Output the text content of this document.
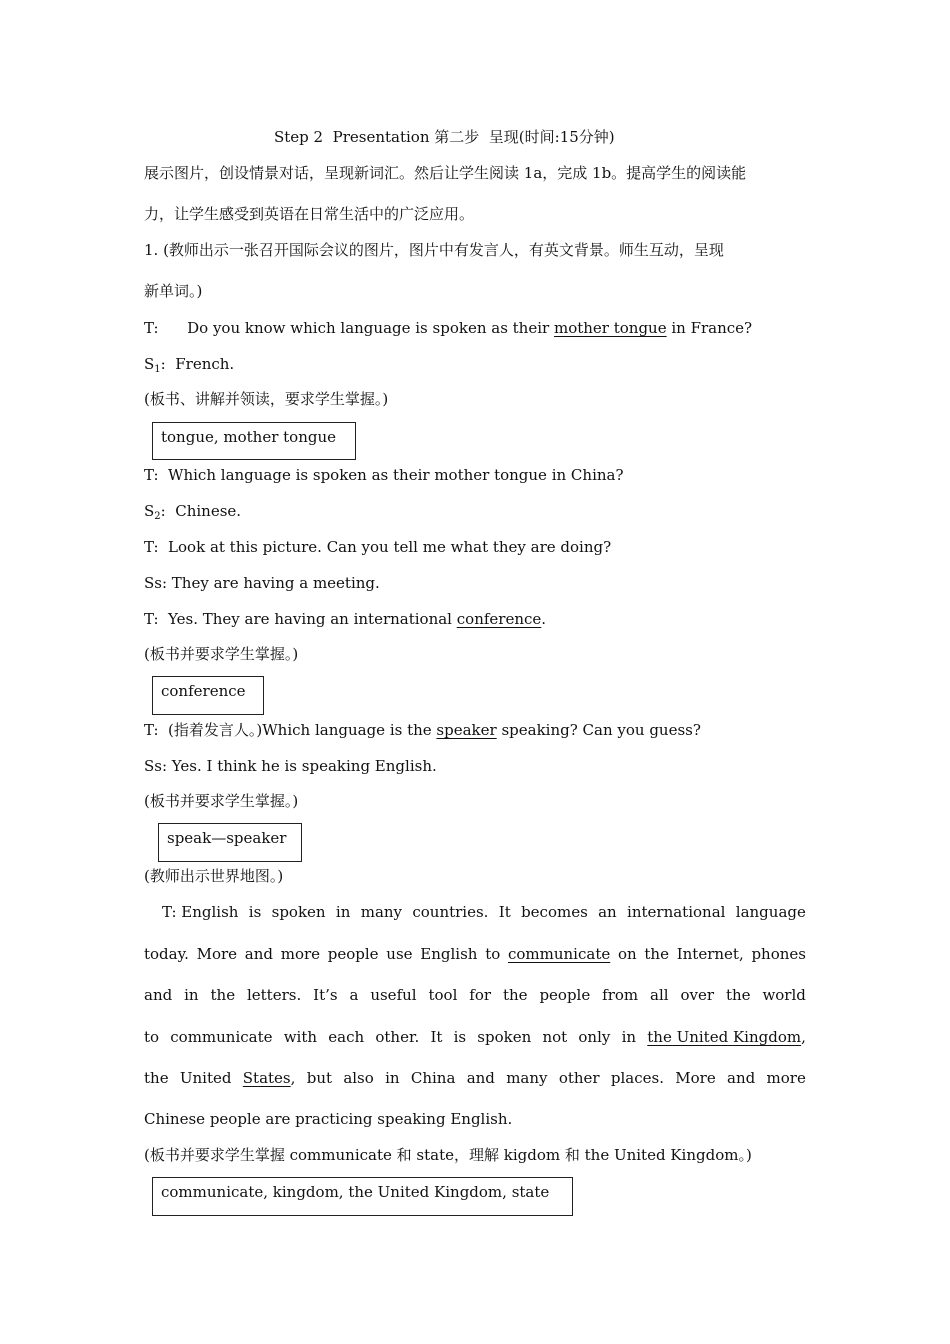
Step 2  Presentation 第二步  呈现(时间:15分钟)
展示图片，创设情景对话，呈现新词汇。然后让学生阅读 1a，完成 1b。提高学生的阅读能
力，让学生感受到英语在日常生活中的广泛应用。
1. (教师出示一张召开国际会议的图片，图片中有发言人，有英文背景。师生互动，呈现
新单词。)
T:      Do you know which language is spoken as their mother tongue in France?
$S_1$:  French.
(板书、讲解并领读，要求学生掌握。)
tongue, mother tongue
T:  Which language is spoken as their mother tongue in China?
$S_2$:  Chinese.
T:  Look at this picture. Can you tell me what they are doing?
Ss: They are having a meeting.
T:  Yes. They are having an international conference.
(板书并要求学生掌握。)
conference
T:  (指着发言人。)Which language is the speaker speaking? Can you guess?
Ss: Yes. I think he is speaking English.
(板书并要求学生掌握。)
speak—speaker
(教师出示世界地图。)
T: English is spoken in many countries. It becomes an international language
today. More and more people use English to communicate on the Internet, phones
and in the letters. It’s a useful tool for the people from all over the world
to communicate with each other. It is spoken not only in the United Kingdom,
the United States, but also in China and many other places. More and more
Chinese people are practicing speaking English.
(板书并要求学生掌握 communicate 和 state，理解 kigdom 和 the United Kingdom。)
communicate, kingdom, the United Kingdom, state
